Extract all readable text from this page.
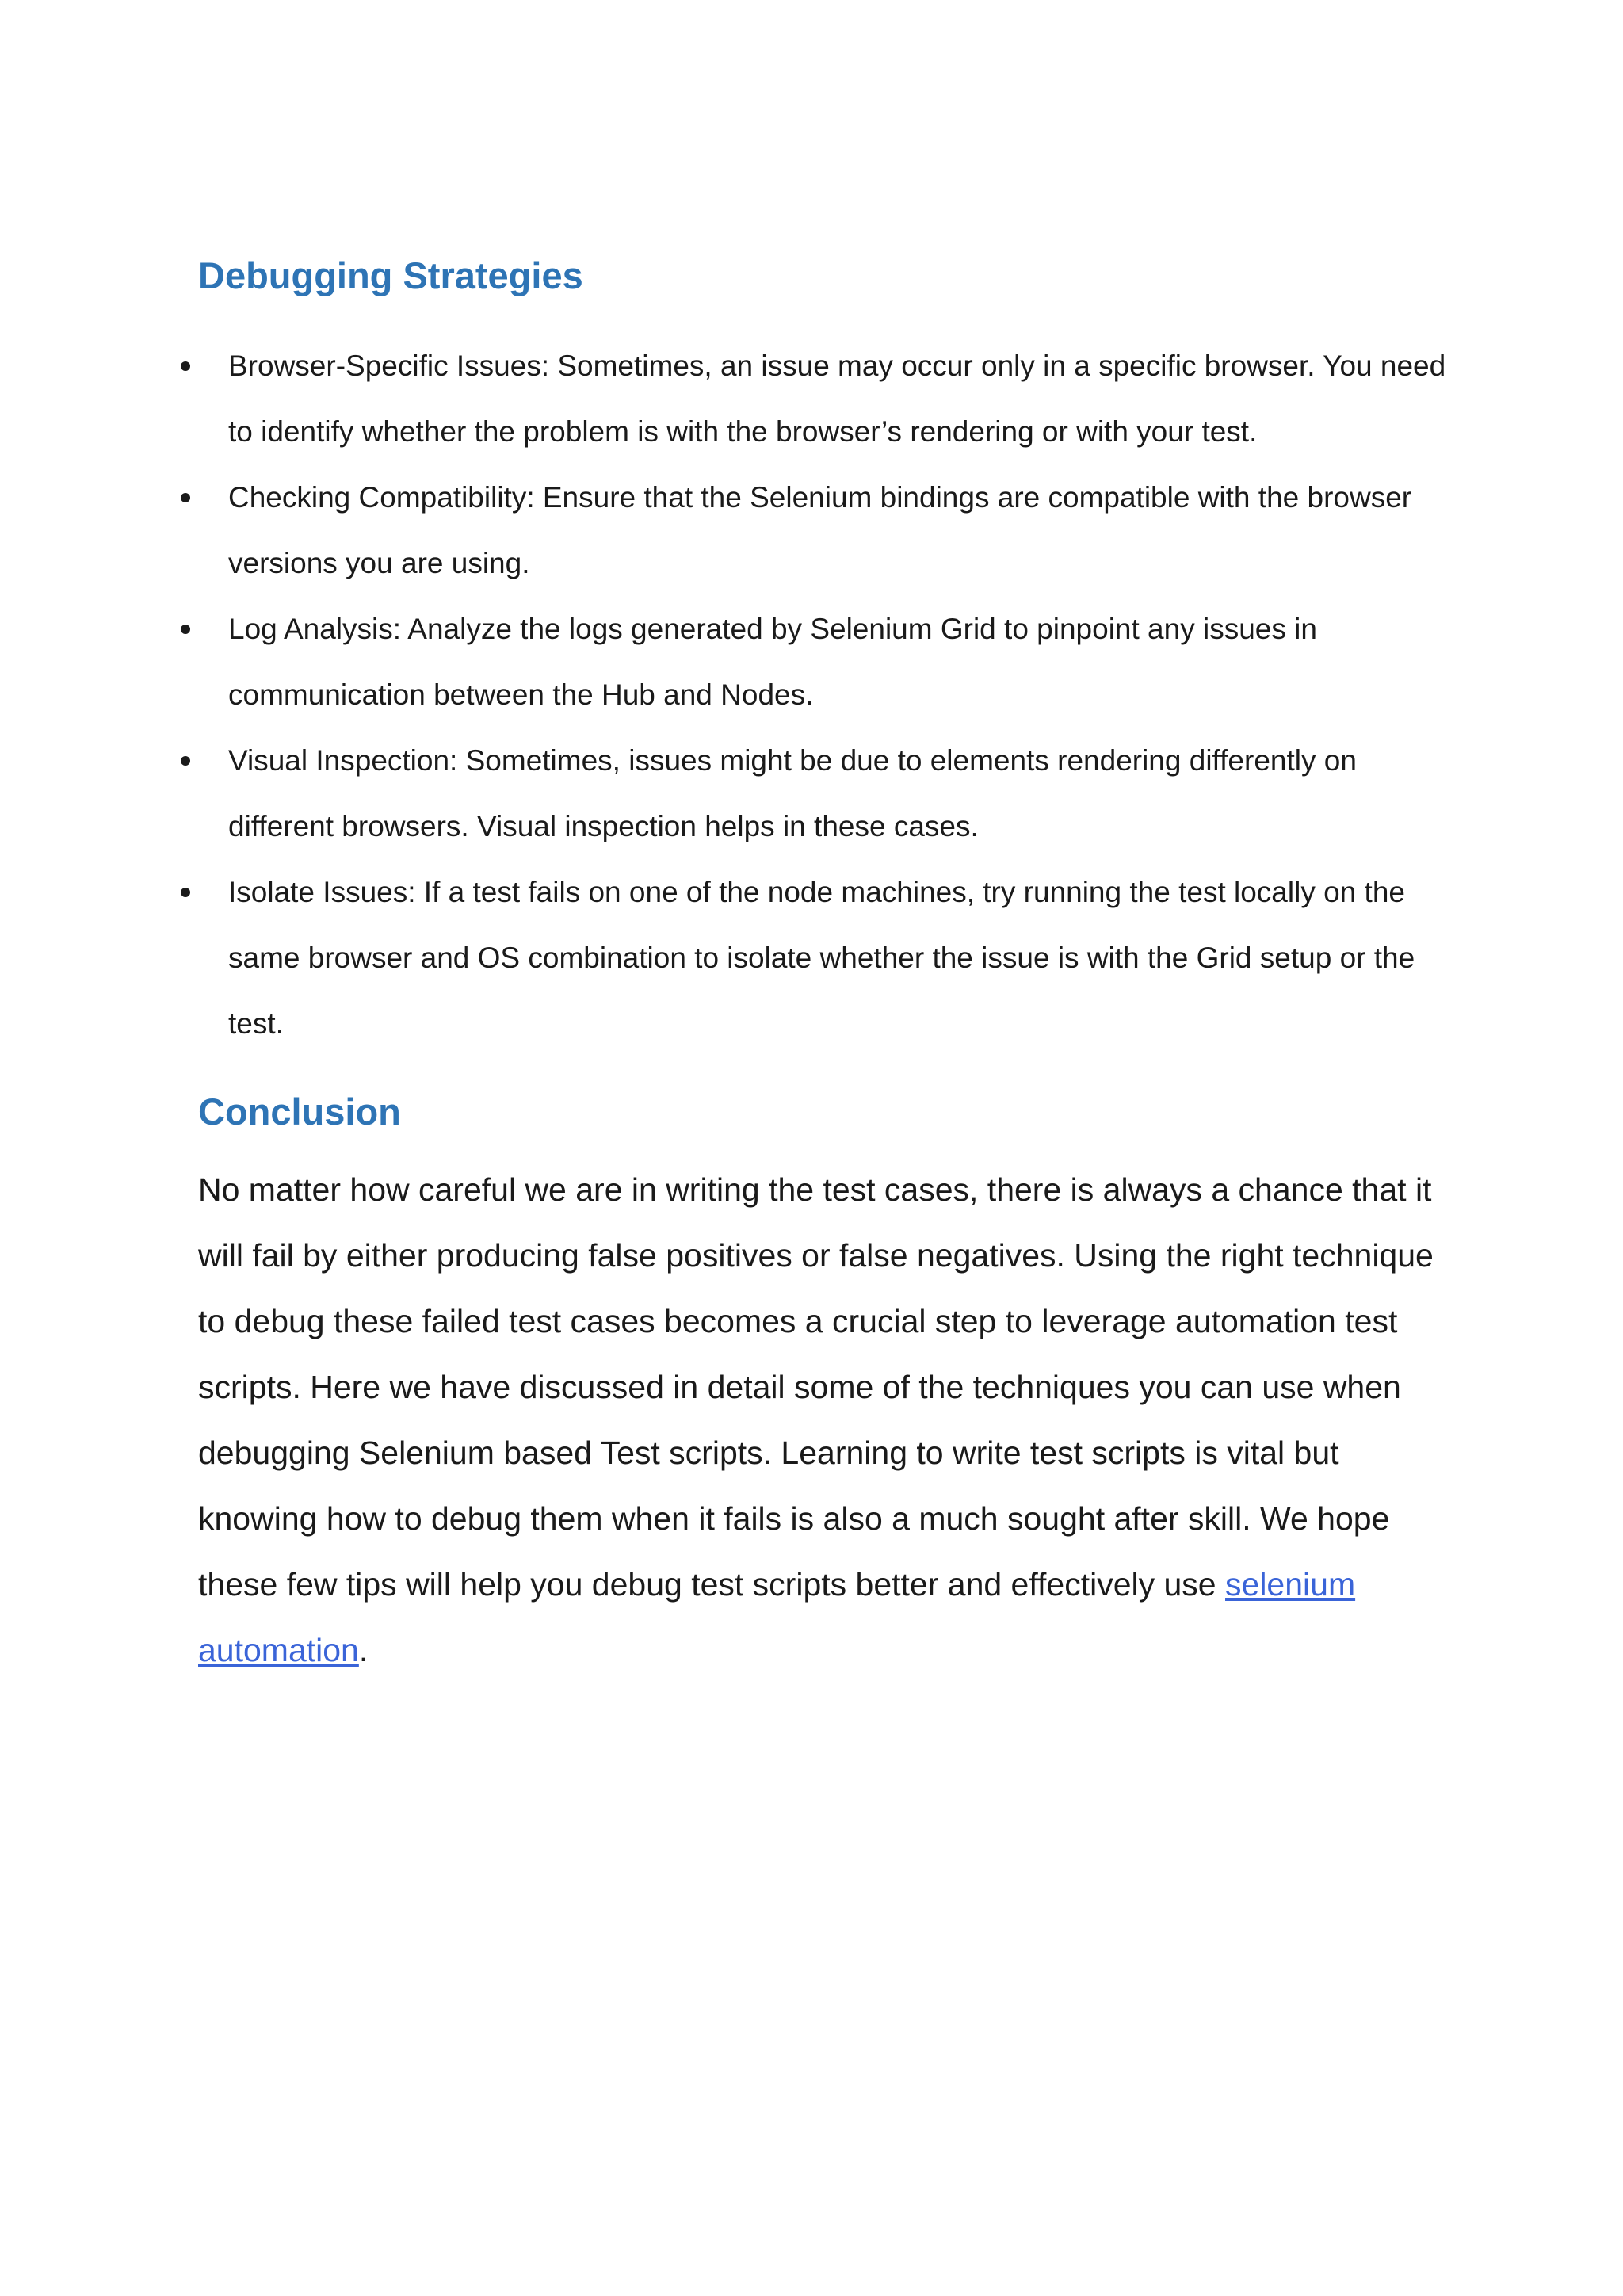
Debugging Strategies
Browser-Specific Issues: Sometimes, an issue may occur only in a specific browser. You need to identify whether the problem is with the browser’s rendering or with your test.
Checking Compatibility: Ensure that the Selenium bindings are compatible with the browser versions you are using.
Log Analysis: Analyze the logs generated by Selenium Grid to pinpoint any issues in communication between the Hub and Nodes.
Visual Inspection: Sometimes, issues might be due to elements rendering differently on different browsers. Visual inspection helps in these cases.
Isolate Issues: If a test fails on one of the node machines, try running the test locally on the same browser and OS combination to isolate whether the issue is with the Grid setup or the test.
Conclusion

No matter how careful we are in writing the test cases, there is always a chance that it will fail by either producing false positives or false negatives. Using the right technique to debug these failed test cases becomes a crucial step to leverage automation test scripts. Here we have discussed in detail some of the techniques you can use when debugging Selenium based Test scripts. Learning to write test scripts is vital but knowing how to debug them when it fails is also a much sought after skill. We hope these few tips will help you debug test scripts better and effectively use selenium automation.
